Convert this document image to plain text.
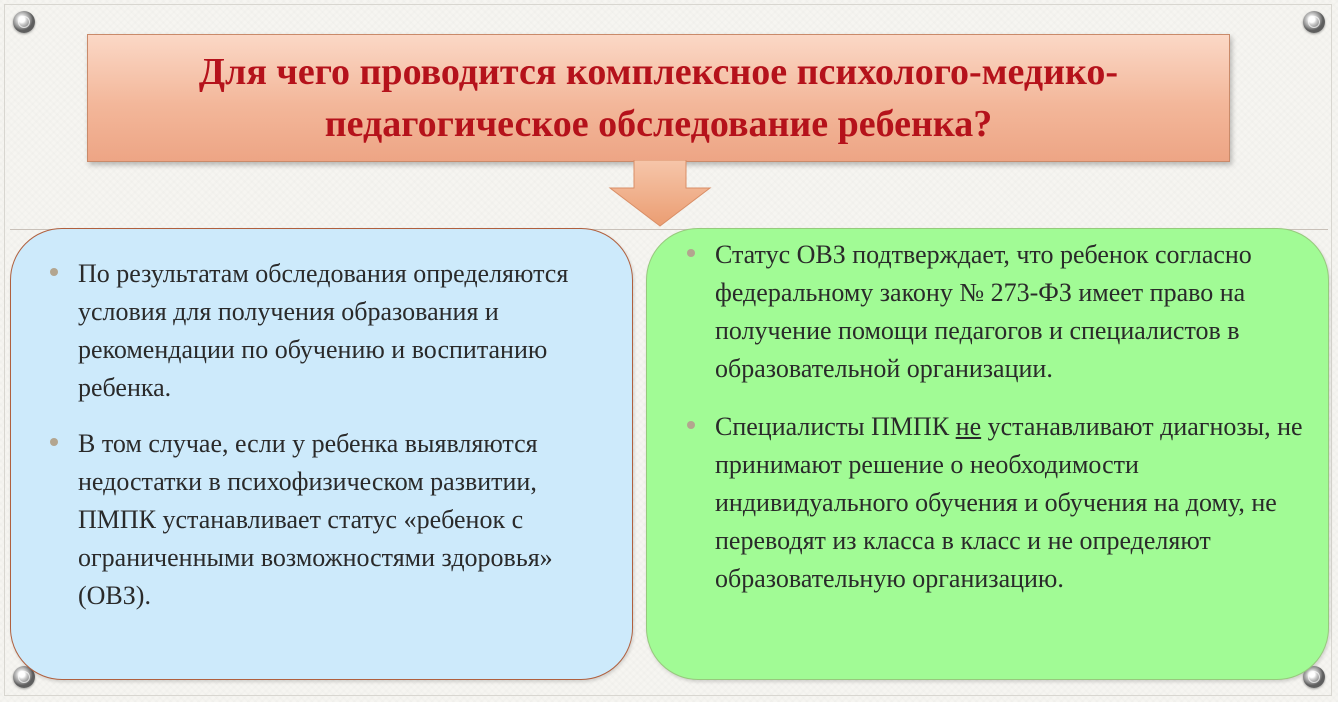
Для чего проводится комплексное психолого-медико-педагогическое обследование ребенка?
По результатам обследования определяются условия для получения образования и рекомендации по обучению и воспитанию ребенка.
В том случае, если у ребенка выявляются недостатки в психофизическом развитии, ПМПК устанавливает статус «ребенок с ограниченными возможностями здоровья» (ОВЗ).
Статус ОВЗ подтверждает, что ребенок согласно федеральному закону № 273-ФЗ имеет право на получение помощи педагогов и специалистов в образовательной организации.
Специалисты ПМПК не устанавливают диагнозы, не принимают решение о необходимости индивидуального обучения и обучения на дому, не переводят из класса в класс и не определяют образовательную организацию.
